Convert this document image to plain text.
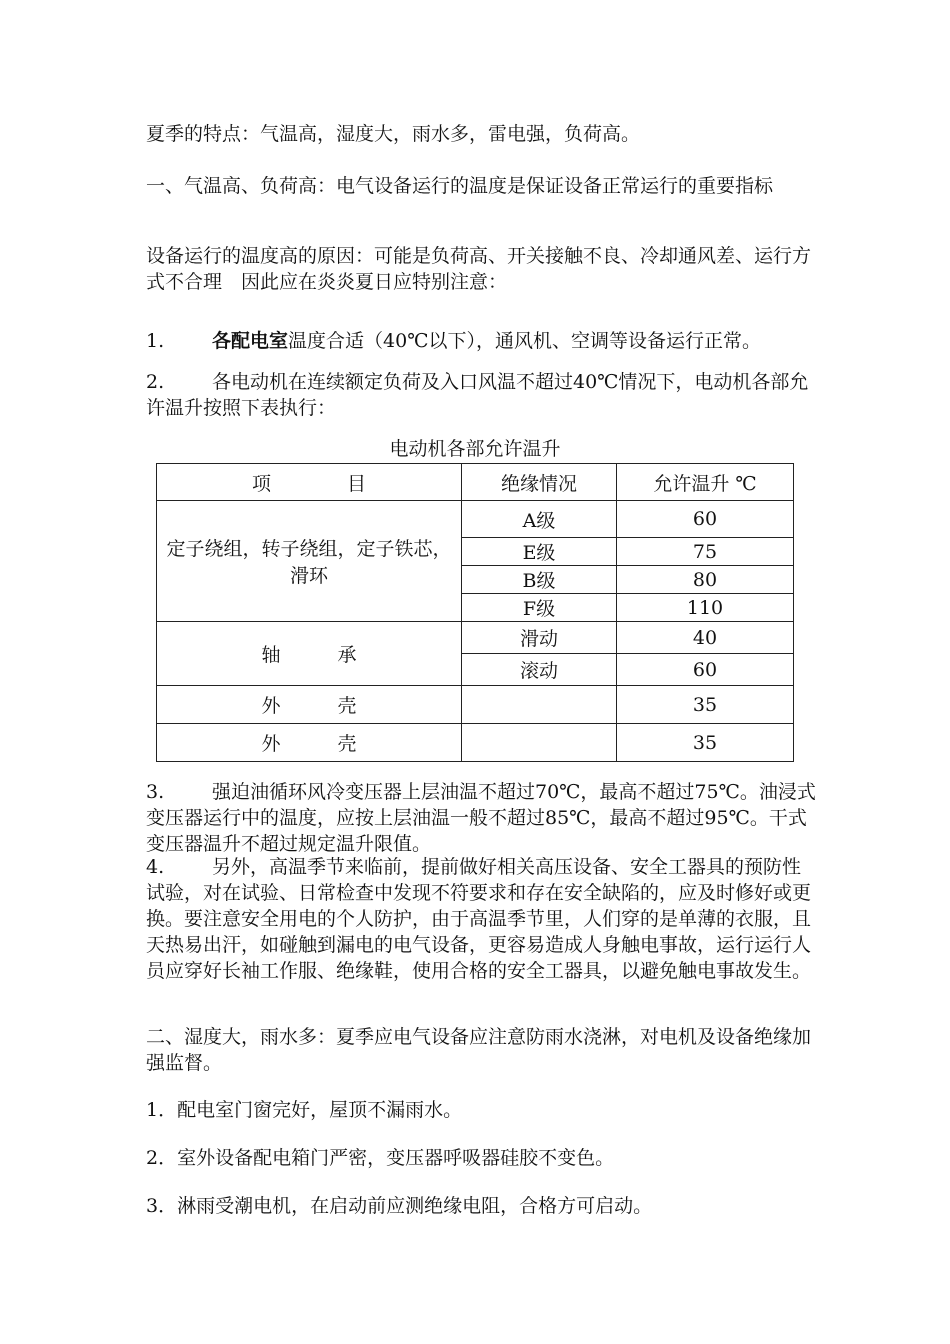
夏季的特点：气温高，湿度大，雨水多，雷电强，负荷高。

一、气温高、负荷高：电气设备运行的温度是保证设备正常运行的重要指标

设备运行的温度高的原因：可能是负荷高、开关接触不良、冷却通风差、运行方式不合理　因此应在炎炎夏日应特别注意：

1.	各配电室温度合适（40℃以下），通风机、空调等设备运行正常。
2.	各电动机在连续额定负荷及入口风温不超过40℃情况下，电动机各部允许温升按照下表执行：
电动机各部允许温升
项　　　　目	绝缘情况	允许温升 ℃
定子绕组，转子绕组，定子铁芯，滑环	A级	60
	E级	75
	B级	80
	F级	110
轴　　　承	滑动	40
	滚动	60
外　　　壳		35
外　　　壳		35
3.	强迫油循环风冷变压器上层油温不超过70℃，最高不超过75℃。油浸式变压器运行中的温度，应按上层油温一般不超过85℃，最高不超过95℃。干式变压器温升不超过规定温升限值。
4.	另外，高温季节来临前，提前做好相关高压设备、安全工器具的预防性试验，对在试验、日常检查中发现不符要求和存在安全缺陷的，应及时修好或更换。要注意安全用电的个人防护，由于高温季节里，人们穿的是单薄的衣服，且天热易出汗，如碰触到漏电的电气设备，更容易造成人身触电事故，运行运行人员应穿好长袖工作服、绝缘鞋，使用合格的安全工器具，以避免触电事故发生。

二、湿度大，雨水多：夏季应电气设备应注意防雨水浇淋，对电机及设备绝缘加强监督。

1．配电室门窗完好，屋顶不漏雨水。

2．室外设备配电箱门严密，变压器呼吸器硅胶不变色。

3．淋雨受潮电机，在启动前应测绝缘电阻，合格方可启动。
